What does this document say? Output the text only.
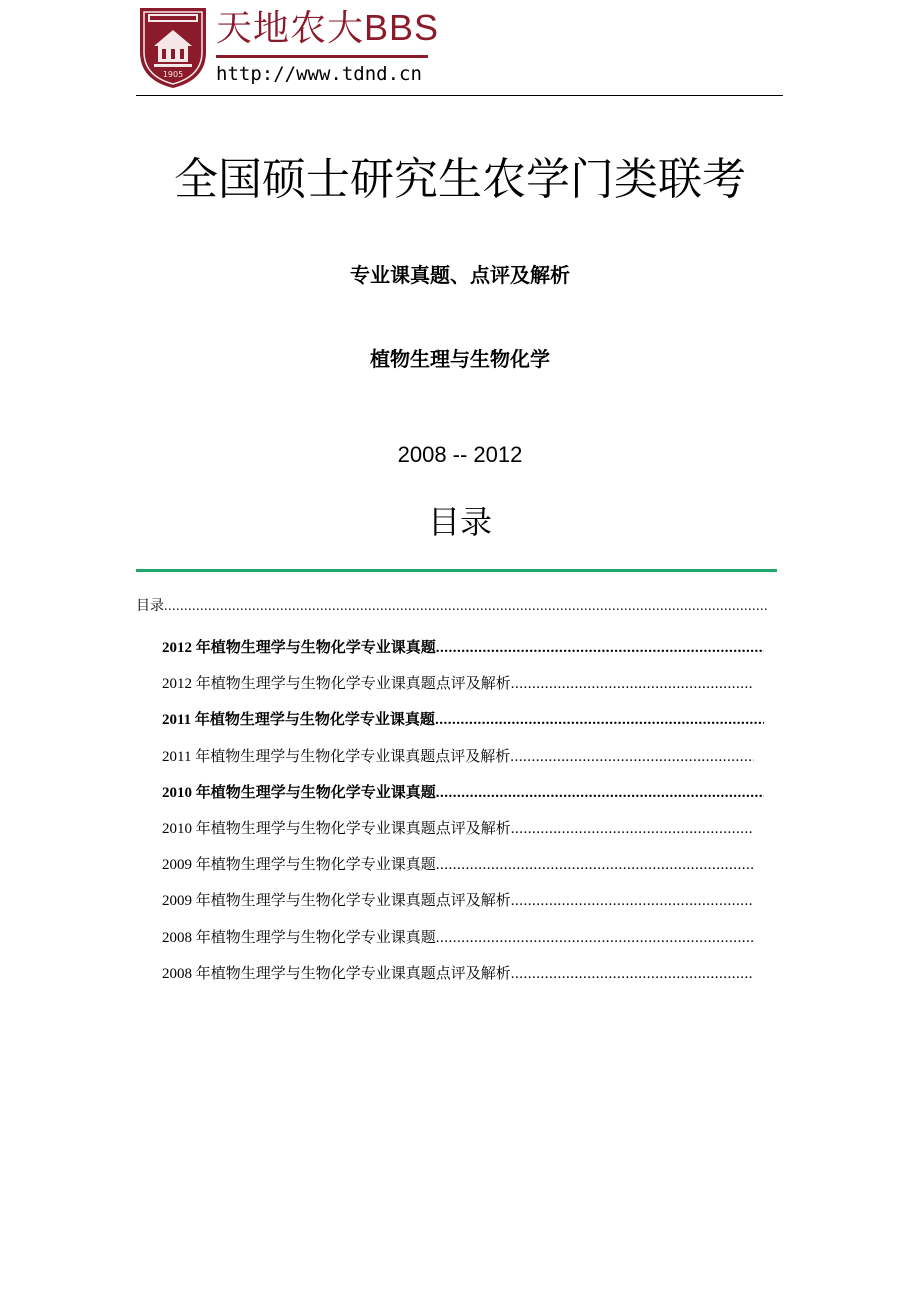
1905
天地农大BBS
http://www.tdnd.cn
全国硕士研究生农学门类联考
专业课真题、点评及解析
植物生理与生物化学
2008 -- 2012
目录
目录
.....
2012 年植物生理学与生物化学专业课真题
.....
2012 年植物生理学与生物化学专业课真题点评及解析
.....
2011 年植物生理学与生物化学专业课真题
.....
2011 年植物生理学与生物化学专业课真题点评及解析
.....
2010 年植物生理学与生物化学专业课真题
.....
2010 年植物生理学与生物化学专业课真题点评及解析
.....
2009 年植物生理学与生物化学专业课真题
.....
2009 年植物生理学与生物化学专业课真题点评及解析
.....
2008 年植物生理学与生物化学专业课真题
.....
2008 年植物生理学与生物化学专业课真题点评及解析
.....
